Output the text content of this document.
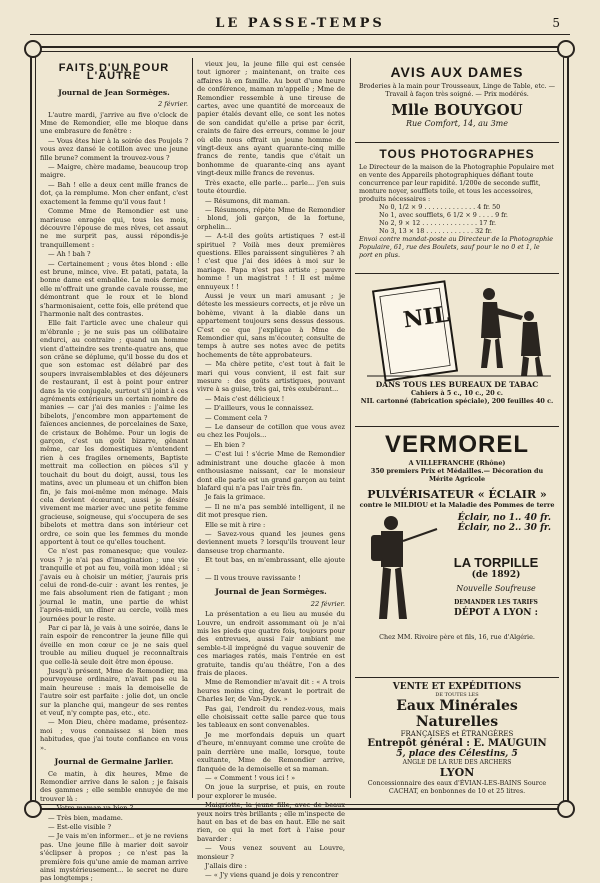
LE PASSE-TEMPS	5
FAITS D'UN POUR L'AUTRE
Journal de Jean Sormèges.

2 février.

L'autre mardi, j'arrive au five o'clock de Mme de Remondier, elle me bloque dans une embrasure de fenêtre :

— Vous êtes hier à la soirée des Poujols ? vous avez dansé le cotillon avec une jeune fille brune? comment la trouvez-vous ?

— Maigre, chère madame, beaucoup trop maigre.

— Bah ! elle a deux cent mille francs de dot, ça la remplume. Mon cher enfant, c'est exactement la femme qu'il vous faut !

Comme Mme de Remondier est une marieuse enragée qui, tous les mois, découvre l'épouse de mes rêves, cet assaut ne me surprit pas, aussi répondis-je tranquillement :

— Ah ! bah ?

— Certainement ; vous êtes blond : elle est brune, mince, vive. Et patati, patata, la bonne dame est emballée. Le mois dernier, elle m'offrait une grande cavale rousse, me démontrant que le roux et le blond s'harmonisaient, cette fois, elle prétend que l'harmonie naît des contrastes.

Elle fait l'article avec une chaleur qui m'ébranle ; je ne suis pas un célibataire endurci, au contraire ; quand un homme vient d'atteindre ses trente-quatre ans, que son crâne se déplume, qu'il bosse du dos et que son estomac est délabré par des soupers invraisemblables et des déjeuners de restaurant, il est à point pour entrer dans la vie conjugale, surtout s'il joint à ces agréments extérieurs un certain nombre de manies — car j'ai des manies : j'aime les bibelots, j'encombre mon appartement de faïences anciennes, de porcelaines de Saxe, de cristaux de Bohême. Pour un logis de garçon, c'est un goût bizarre, gênant même, car les domestiques n'entendent rien à ces fragiles ornements, Baptiste mettrait ma collection en pièces s'il y touchait du bout du doigt, aussi, tous les matins, avec un plumeau et un chiffon bien fin, je fais moi-même mon ménage. Mais cela devient écœurant, aussi je désire vivement me marier avec une petite femme gracieuse, soigneuse, qui s'occupera de ses bibelots et mettra dans son intérieur cet ordre, ce soin que les femmes du monde apportent à tout ce qu'elles touchent.

Ce n'est pas romanesque; que voulez-vous ? je n'ai pas d'imagination ; une vie tranquille et pot au feu, voilà mon idéal ; si j'avais eu à choisir un métier, j'aurais pris celui de rond-de-cuir : avant les rentes, je me fais absolument rien de fatigant ; mon journal le matin, une partie de whist l'après-midi, un dîner au cercle, voilà mes journées pour le reste.

Par ci par là, je vais à une soirée, dans le rain espoir de rencontrer la jeune fille qui éveille en mon cœur ce je ne sais quel trouble au milieu duquel je reconnaîtrais que celle-là seule doit être mon épouse.

Jusqu'à présent, Mme de Remondier, ma pourvoyeuse ordinaire, n'avait pas eu la main heureuse : mais la demoiselle de l'autre soir est parfaite : jolie dot, un oncle sur la planche qui, mangeur de ses rentes et veuf, n'y compte pas, etc., etc.

— Mon Dieu, chère madame, présentez-moi ; vous connaissez si bien mes habitudes, que j'ai toute confiance en vous ».

Journal de Germaine Jarlier.

Ce matin, à dix heures, Mme de Remondier arrive dans le salon ; je faisais des gammes ; elle semble ennuyée de me trouver là :

— Votre maman va bien ?

— Très bien, madame.

— Est-elle visible ?

— Je vais m'en informer... et je ne reviens pas. Une jeune fille à marier doit savoir s'éclipser à propos ; ce n'est pas la première fois qu'une amie de maman arrive ainsi mystérieusement... le secret ne dure pas longtemps ;

vieux jeu, la jeune fille qui est censée tout ignorer ; maintenant, on traite ces affaires là en famille. Au bout d'une heure de conférence, maman m'appelle ; Mme de Remondier ressemble à une tireuse de cartes, avec une quantité de morceaux de papier étalés devant elle, ce sont les notes de son candidat qu'elle a prise par écrit, craints de faire des erreurs, comme le jour où elle nous offrait un jeune homme de vingt-deux ans ayant quarante-cinq mille francs de rente, tandis que c'était un bonhomme de quarante-cinq ans ayant vingt-deux mille francs de revenus.

Très exacte, elle parle... parle... j'en suis toute étourdie.

— Résumons, dit maman.

— Résumons, répète Mme de Remondier : blond, joli garçon, de la fortune, orphelin...

— A-t-il des goûts artistiques ? est-il spirituel ? Voilà mes deux premières questions. Elles paraissent singulières ? ah ! c'est que j'ai des idées à moi sur le mariage. Papa n'est pas artiste ; pauvre homme ! un magistrat ! ! Il est même ennuyeux ! !

Aussi je veux un mari amusant ; je déteste les messieurs corrects, et je rêve un bohème, vivant à la diable dans un appartement toujours sens dessus dessous. C'est ce que j'explique à Mme de Remondier qui, sans m'écouter, consulte de temps à autre ses notes avec de petits hochements de tête approbateurs.

— Ma chère petite, c'est tout à fait le mari qui vous convient, il est fait sur mesure : des goûts artistiques, pouvant vivre à sa guise, très gai, très exubérant...

— Mais c'est délicieux !

— D'ailleurs, vous le connaissez.

— Comment cela ?

— Le danseur de cotillon que vous avez eu chez les Poujols...

— Eh bien ?

— C'est lui ! s'écrie Mme de Remondier administrant une douche glacée à mon enthousiasme naissant, car le monsieur dont elle parle est un grand garçon au teint blafard qui n'a pas l'air très fin.

Je fais la grimace.

— Il ne m'a pas semblé intelligent, il ne dit mot presque rien.

Elle se mit à rire :

— Savez-vous quand les jeunes gens deviennent muets ? lorsqu'ils trouvent leur danseuse trop charmante.

Et tout bas, en m'embrassant, elle ajoute :

— Il vous trouve ravissante !

Journal de Jean Sormèges.

22 février.

La présentation a eu lieu au musée du Louvre, un endroit assommant où je n'ai mis les pieds que quatre fois, toujours pour des entrevues, aussi l'air ambiant me semble-t-il imprégné du vague souvenir de ces mariages ratés, mais l'entrée en est gratuite, tandis qu'au théâtre, l'on a des frais de places.

Mme de Remondier m'avait dit : « A trois heures moins cinq, devant le portrait de Charles Ier, de Van-Dyck. »

Pas gai, l'endroit du rendez-vous, mais elle choisissait cette salle parce que tous les tableaux en sont convenables.

Je me morfondais depuis un quart d'heure, m'ennuyant comme une croûte de pain derrière une malle, lorsque, toute exultante, Mme de Remondier arrive, flanquée de la demoiselle et sa maman.

— « Comment ! vous ici ! »

On joue la surprise, et puis, en route pour explorer le musée.

Maigriotte, la jeune fille, avec de beaux yeux noirs très brillants ; elle m'inspecte de haut en bas et de bas en haut. Elle ne sait rien, ce qui la met fort à l'aise pour bavarder :

— Vous venez souvent au Louvre, monsieur ?

J'allais dire :

— « J'y viens quand je dois y rencontrer

AVIS AUX DAMES
Broderies à la main pour Trousseaux, Linge de Table, etc. — Travail à façon très soigné. — Prix modérés.
Mlle BOUYGOU
Rue Comfort, 14, au 3me
TOUS PHOTOGRAPHES
Le Directeur de la maison de la Photographie Populaire met en vente des Appareils photographiques défiant toute concurrence par leur rapidité. 1/200e de seconde suffit, monture noyer, soufflets toile, et tous les accessoires, produits nécessaires :
No 0, 1/2 × 9 . . . . . . . . . . . . . 4 fr. 50
No 1, avec soufflets, 6 1/2 × 9 . . . . 9 fr.
No 2, 9 × 12 . . . . . . . . . . . . . . 17 fr.
No 3, 13 × 18 . . . . . . . . . . . . 32 fr.
Envoi contre mandat-poste au Directeur de la Photographie Populaire, 61, rue des Boulets, sauf pour le no 0 et 1, le port en plus.
NIL
DANS TOUS LES BUREAUX DE TABAC
Cahiers à 5 c., 10 c., 20 c.
NIL cartonné (fabrication spéciale), 200 feuilles 40 c.
VERMOREL
A VILLEFRANCHE (Rhône)
350 premiers Prix et Médailles.— Décoration du Mérite Agricole
PULVÉRISATEUR « ÉCLAIR »
contre le MILDIOU et la Maladie des Pommes de terre
Éclair, no 1.. 40 fr.
Éclair, no 2.. 30 fr.
LA TORPILLE
(de 1892)
Nouvelle Soufreuse
DEMANDER LES TARIFS
DÉPOT A LYON :
Chez MM. Rivoire père et fils, 16, rue d'Algérie.
VENTE ET EXPÉDITIONS
DE TOUTES LES
Eaux Minérales Naturelles
FRANÇAISES et ÉTRANGÈRES
Entrepôt général : E. MAUGUIN
5, place des Célestins, 5
ANGLE DE LA RUE DES ARCHERS
LYON
Concessionnaire des eaux d'ÉVIAN-LES-BAINS Source CACHAT, en bonbonnes de 10 et 25 litres.
